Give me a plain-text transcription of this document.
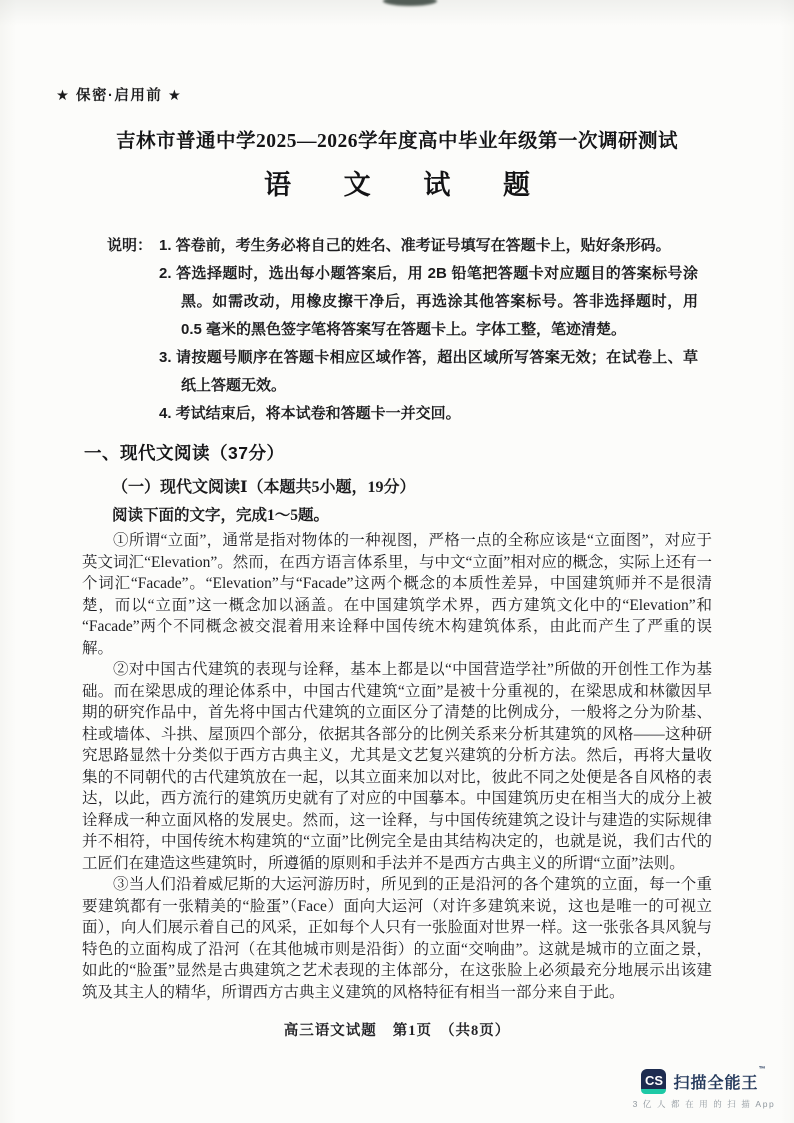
★ 保密·启用前 ★
吉林市普通中学2025—2026学年度高中毕业年级第一次调研测试
语 文 试 题
说明： 1. 答卷前，考生务必将自己的姓名、准考证号填写在答题卡上，贴好条形码。
2. 答选择题时，选出每小题答案后，用 2B 铅笔把答题卡对应题目的答案标号涂黑。如需改动，用橡皮擦干净后，再选涂其他答案标号。答非选择题时，用 0.5 毫米的黑色签字笔将答案写在答题卡上。字体工整，笔迹清楚。
3. 请按题号顺序在答题卡相应区域作答，超出区域所写答案无效；在试卷上、草纸上答题无效。
4. 考试结束后，将本试卷和答题卡一并交回。
一、现代文阅读（37分）
（一）现代文阅读Ⅰ（本题共5小题，19分）
阅读下面的文字，完成1～5题。

①所谓“立面”，通常是指对物体的一种视图，严格一点的全称应该是“立面图”，对应于英文词汇“Elevation”。然而，在西方语言体系里，与中文“立面”相对应的概念，实际上还有一个词汇“Facade”。“Elevation”与“Facade”这两个概念的本质性差异，中国建筑师并不是很清楚，而以“立面”这一概念加以涵盖。在中国建筑学术界，西方建筑文化中的“Elevation”和“Facade”两个不同概念被交混着用来诠释中国传统木构建筑体系，由此而产生了严重的误解。

②对中国古代建筑的表现与诠释，基本上都是以“中国营造学社”所做的开创性工作为基础。而在梁思成的理论体系中，中国古代建筑“立面”是被十分重视的，在梁思成和林徽因早期的研究作品中，首先将中国古代建筑的立面区分了清楚的比例成分，一般将之分为阶基、柱或墙体、斗拱、屋顶四个部分，依据其各部分的比例关系来分析其建筑的风格——这种研究思路显然十分类似于西方古典主义，尤其是文艺复兴建筑的分析方法。然后，再将大量收集的不同朝代的古代建筑放在一起，以其立面来加以对比，彼此不同之处便是各自风格的表达，以此，西方流行的建筑历史就有了对应的中国摹本。中国建筑历史在相当大的成分上被诠释成一种立面风格的发展史。然而，这一诠释，与中国传统建筑之设计与建造的实际规律并不相符，中国传统木构建筑的“立面”比例完全是由其结构决定的，也就是说，我们古代的工匠们在建造这些建筑时，所遵循的原则和手法并不是西方古典主义的所谓“立面”法则。

③当人们沿着威尼斯的大运河游历时，所见到的正是沿河的各个建筑的立面，每一个重要建筑都有一张精美的“脸蛋”（Face）面向大运河（对许多建筑来说，这也是唯一的可视立面），向人们展示着自己的风采，正如每个人只有一张脸面对世界一样。这一张张各具风貌与特色的立面构成了沿河（在其他城市则是沿街）的立面“交响曲”。这就是城市的立面之景，如此的“脸蛋”显然是古典建筑之艺术表现的主体部分，在这张脸上必须最充分地展示出该建筑及其主人的精华，所谓西方古典主义建筑的风格特征有相当一部分来自于此。

高三语文试题 第1页 （共8页）
CS 扫描全能王™
3 亿 人 都 在 用 的 扫 描 App
